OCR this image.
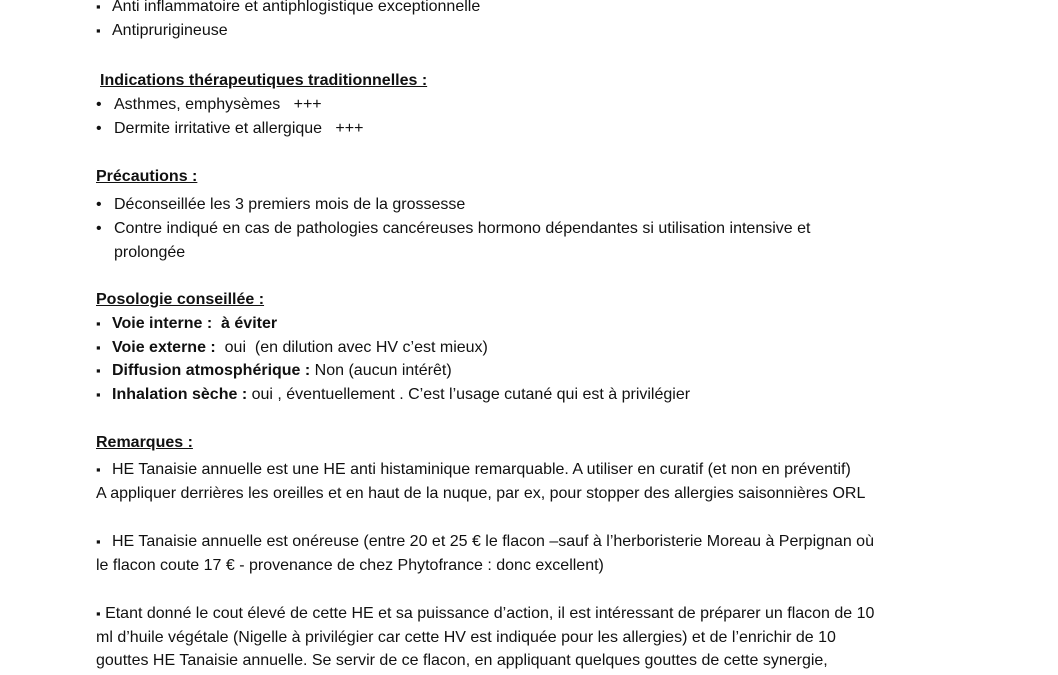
▪ Anti inflammatoire et antiphlogistique exceptionnelle
▪ Antiprurigineuse
Indications thérapeutiques traditionnelles :
• Asthmes, emphysèmes   +++
• Dermite irritative et allergique   +++
Précautions :
• Déconseillée les 3 premiers mois de la grossesse
• Contre indiqué en cas de pathologies cancéreuses hormono dépendantes si utilisation intensive et
prolongée
Posologie conseillée :
▪ Voie interne :  à éviter
▪ Voie externe :  oui  (en dilution avec HV c’est mieux)
▪ Diffusion atmosphérique : Non (aucun intérêt)
▪ Inhalation sèche : oui , éventuellement . C’est l’usage cutané qui est à privilégier
Remarques :
▪ HE Tanaisie annuelle est une HE anti histaminique remarquable. A utiliser en curatif (et non en préventif)
A appliquer derrières les oreilles et en haut de la nuque, par ex, pour stopper des allergies saisonnières ORL
▪ HE Tanaisie annuelle est onéreuse (entre 20 et 25 € le flacon –sauf à l’herboristerie Moreau à Perpignan où
le flacon coute 17 € - provenance de chez Phytofrance : donc excellent)
▪ Etant donné le cout élevé de cette HE et sa puissance d’action, il est intéressant de préparer un flacon de 10
ml d’huile végétale (Nigelle à privilégier car cette HV est indiquée pour les allergies) et de l’enrichir de 10
gouttes HE Tanaisie annuelle. Se servir de ce flacon, en appliquant quelques gouttes de cette synergie,
